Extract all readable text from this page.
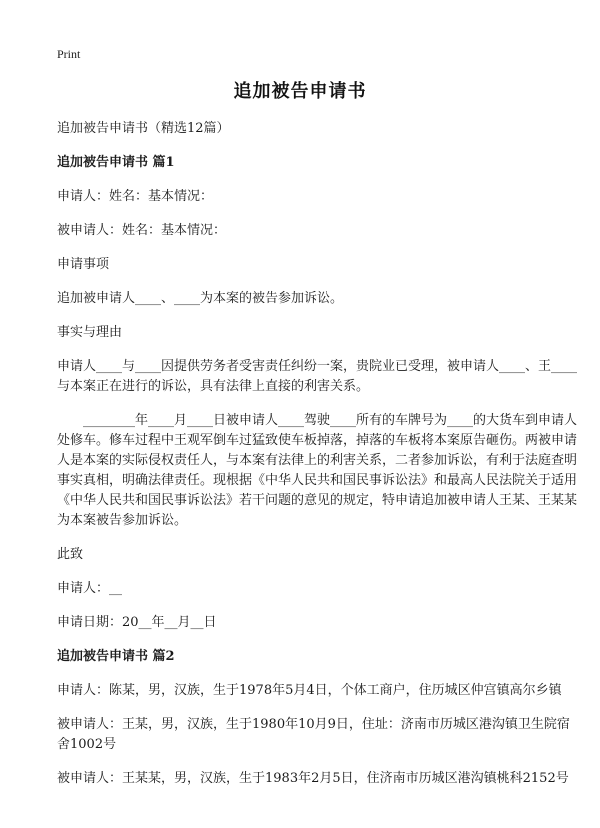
Print
追加被告申请书

追加被告申请书（精选12篇）

追加被告申请书 篇1

申请人：姓名：基本情况：

被申请人：姓名：基本情况：

申请事项

追加被申请人____、____为本案的被告参加诉讼。

事实与理由

申请人____与____因提供劳务者受害责任纠纷一案，贵院业已受理，被申请人____、王____与本案正在进行的诉讼，具有法律上直接的利害关系。

________年____月____日被申请人____驾驶____所有的车牌号为____的大货车到申请人处修车。修车过程中王观军倒车过猛致使车板掉落，掉落的车板将本案原告砸伤。两被申请人是本案的实际侵权责任人，与本案有法律上的利害关系，二者参加诉讼，有利于法庭查明事实真相，明确法律责任。现根据《中华人民共和国民事诉讼法》和最高人民法院关于适用《中华人民共和国民事诉讼法》若干问题的意见的规定，特申请追加被申请人王某、王某某为本案被告参加诉讼。

此致

申请人：__

申请日期：20__年__月__日

追加被告申请书 篇2

申请人：陈某，男，汉族，生于1978年5月4日，个体工商户，住历城区仲宫镇高尔乡镇

被申请人：王某，男，汉族，生于1980年10月9日，住址：济南市历城区港沟镇卫生院宿舍1002号

被申请人：王某某，男，汉族，生于1983年2月5日，住济南市历城区港沟镇桃科2152号
